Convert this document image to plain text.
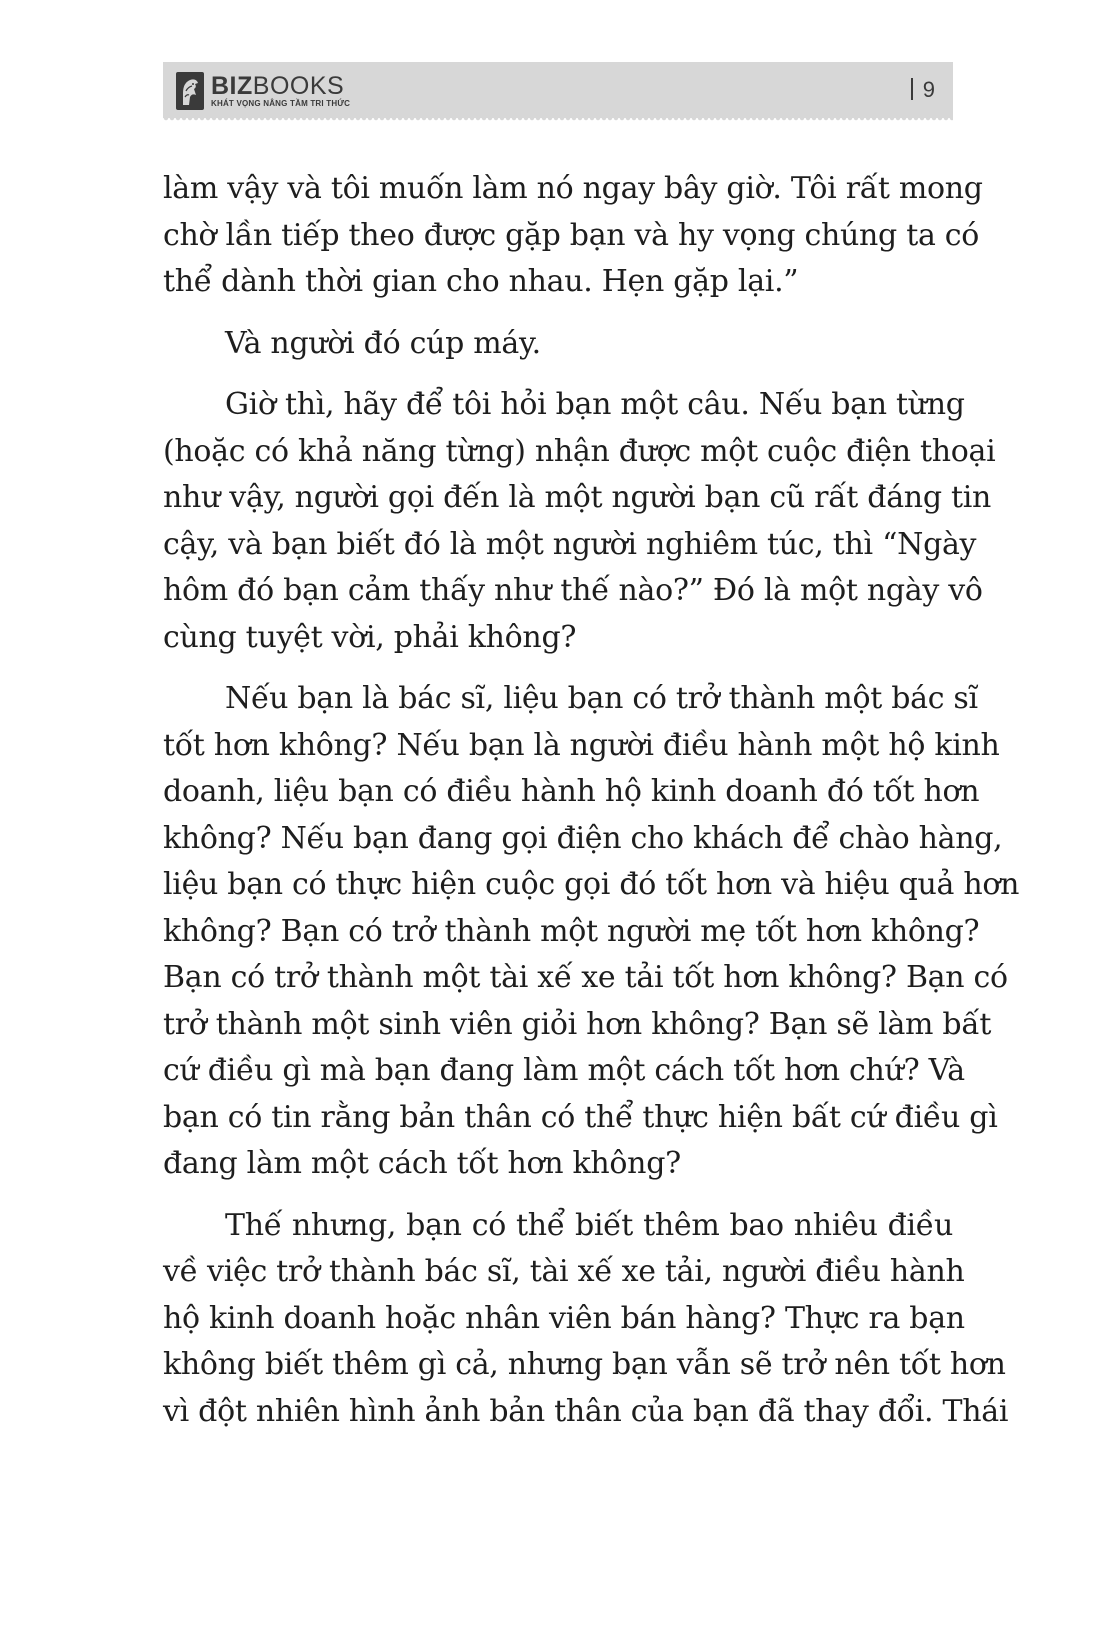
BIZBOOKS
KHÁT VỌNG NÂNG TẦM TRI THỨC
9

làm vậy và tôi muốn làm nó ngay bây giờ. Tôi rất mong
chờ lần tiếp theo được gặp bạn và hy vọng chúng ta có
thể dành thời gian cho nhau. Hẹn gặp lại.”

Và người đó cúp máy.

Giờ thì, hãy để tôi hỏi bạn một câu. Nếu bạn từng
(hoặc có khả năng từng) nhận được một cuộc điện thoại
như vậy, người gọi đến là một người bạn cũ rất đáng tin
cậy, và bạn biết đó là một người nghiêm túc, thì “Ngày
hôm đó bạn cảm thấy như thế nào?” Đó là một ngày vô
cùng tuyệt vời, phải không?

Nếu bạn là bác sĩ, liệu bạn có trở thành một bác sĩ
tốt hơn không? Nếu bạn là người điều hành một hộ kinh
doanh, liệu bạn có điều hành hộ kinh doanh đó tốt hơn
không? Nếu bạn đang gọi điện cho khách để chào hàng,
liệu bạn có thực hiện cuộc gọi đó tốt hơn và hiệu quả hơn
không? Bạn có trở thành một người mẹ tốt hơn không?
Bạn có trở thành một tài xế xe tải tốt hơn không? Bạn có
trở thành một sinh viên giỏi hơn không? Bạn sẽ làm bất
cứ điều gì mà bạn đang làm một cách tốt hơn chứ? Và
bạn có tin rằng bản thân có thể thực hiện bất cứ điều gì
đang làm một cách tốt hơn không?

Thế nhưng, bạn có thể biết thêm bao nhiêu điều
về việc trở thành bác sĩ, tài xế xe tải, người điều hành
hộ kinh doanh hoặc nhân viên bán hàng? Thực ra bạn
không biết thêm gì cả, nhưng bạn vẫn sẽ trở nên tốt hơn
vì đột nhiên hình ảnh bản thân của bạn đã thay đổi. Thái
